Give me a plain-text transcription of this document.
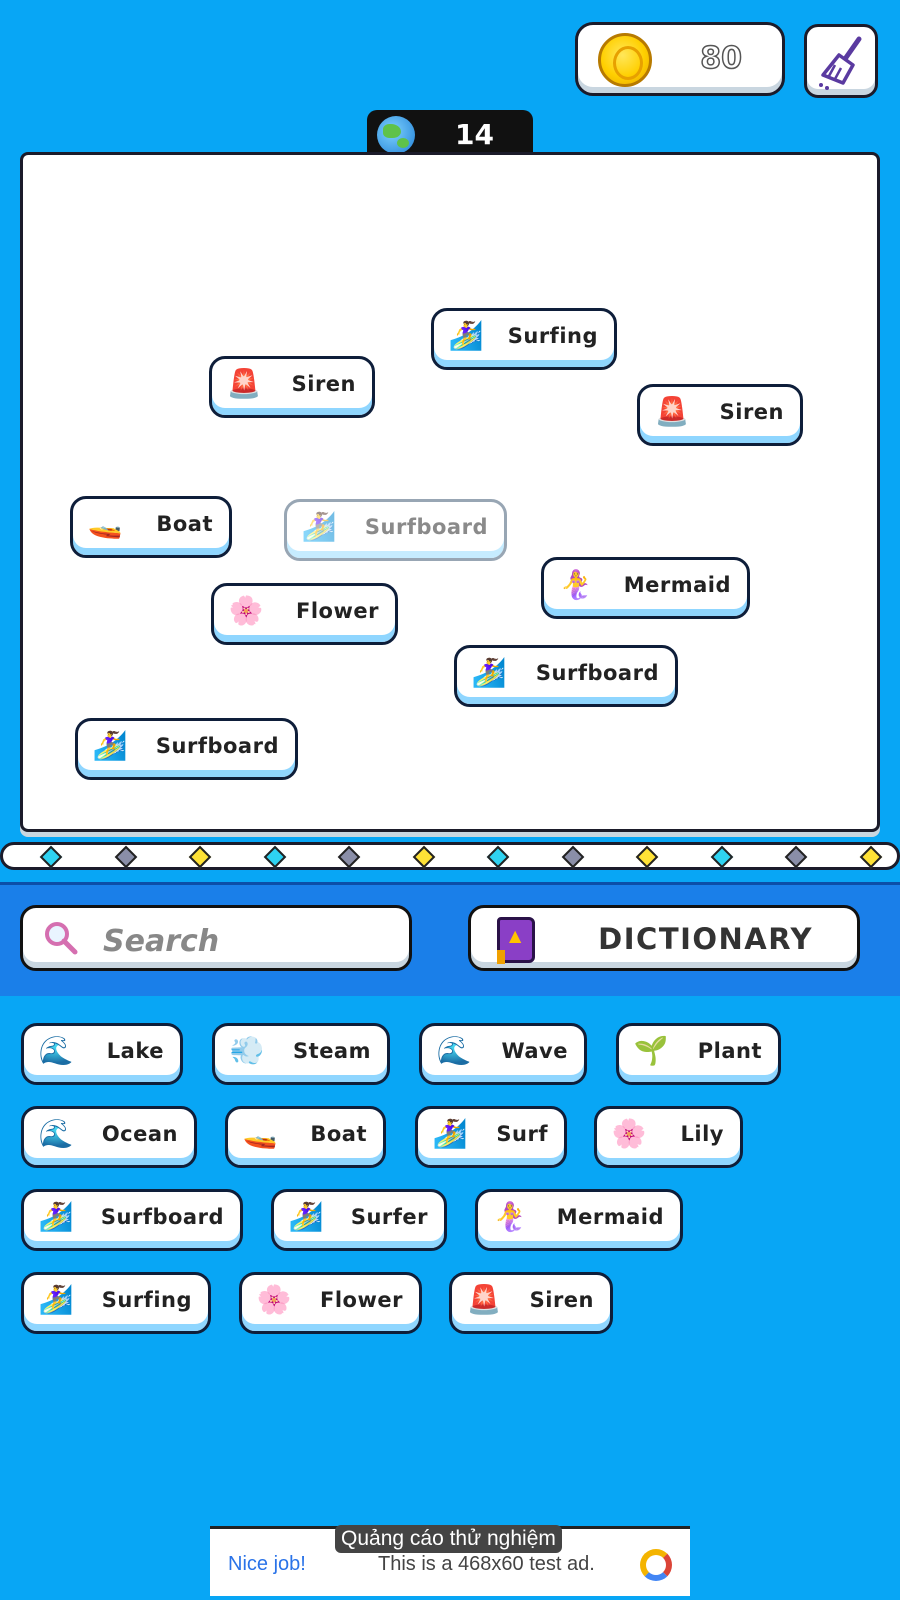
80
14
🏄‍♀️	Surfing
🚨	Siren
🚨	Siren
🚤	Boat	🏄‍♀️	Surfboard
🧜‍♀️	Mermaid
🌸	Flower
🏄‍♀️	Surfboard
🏄‍♀️	Surfboard
Search
▲	DICTIONARY
🌊	Lake 💨	Steam 🌊	Wave 🌱	Plant
🌊	Ocean 🚤	Boat 🏄‍♀️	Surf 🌸	Lily
🏄‍♀️	Surfboard 🏄‍♀️	Surfer 🧜‍♀️	Mermaid
🏄‍♀️	Surfing 🌸	Flower 🚨	Siren
Nice job!	This is a 468x60 test ad.
Quảng cáo thử nghiệm
